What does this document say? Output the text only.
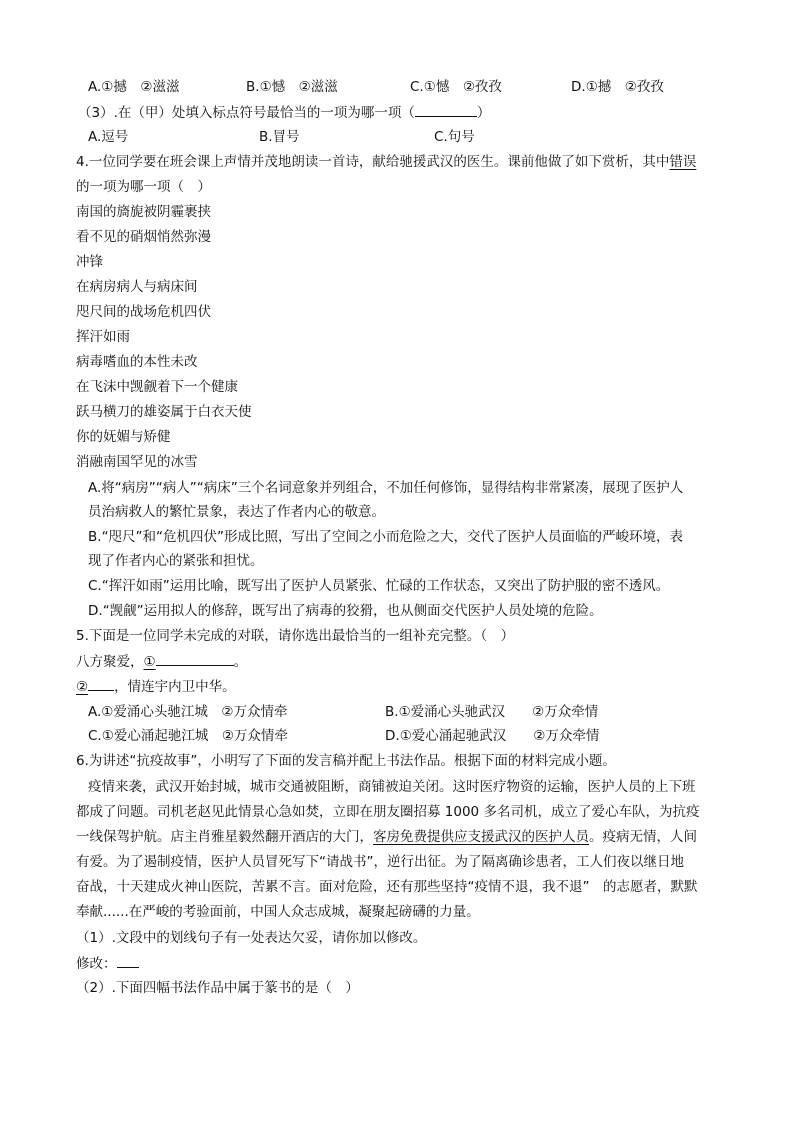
A.①撼　②滋滋	B.①憾　②滋滋	C.①憾　②孜孜	D.①撼　②孜孜
（3）.在（甲）处填入标点符号最恰当的一项为哪一项（	）
A.逗号	B.冒号	C.句号
4.一位同学要在班会课上声情并茂地朗读一首诗，献给驰援武汉的医生。课前他做了如下赏析，其中错误
的一项为哪一项（　）
南国的旖旎被阴霾裹挟
看不见的硝烟悄然弥漫
冲锋
在病房病人与病床间
咫尺间的战场危机四伏
挥汗如雨
病毒嗜血的本性未改
在飞沫中觊觎着下一个健康
跃马横刀的雄姿属于白衣天使
你的妩媚与矫健
消融南国罕见的冰雪
A.将“病房”“病人”“病床”三个名词意象并列组合，不加任何修饰，显得结构非常紧凑，展现了医护人
员治病救人的繁忙景象，表达了作者内心的敬意。
B.“咫尺”和“危机四伏”形成比照，写出了空间之小而危险之大，交代了医护人员面临的严峻环境，表
现了作者内心的紧张和担忧。
C.“挥汗如雨”运用比喻，既写出了医护人员紧张、忙碌的工作状态，又突出了防护服的密不透风。
D.“觊觎”运用拟人的修辞，既写出了病毒的狡猾，也从侧面交代医护人员处境的危险。
5.下面是一位同学未完成的对联，请你选出最恰当的一组补充完整。（　）
八方聚爱，①	。
② ，情连宇内卫中华。
A.①爱涌心头驰江城　②万众情牵	B.①爱涌心头驰武汉　　②万众牵情
C.①爱心涌起驰江城　②万众情牵	D.①爱心涌起驰武汉　　②万众牵情
6.为讲述“抗疫故事”，小明写了下面的发言稿并配上书法作品。根据下面的材料完成小题。
疫情来袭，武汉开始封城，城市交通被阻断，商铺被迫关闭。这时医疗物资的运输，医护人员的上下班
都成了问题。司机老赵见此情景心急如焚，立即在朋友圈招募 1000 多名司机，成立了爱心车队，为抗疫
一线保驾护航。店主肖雅星毅然翻开酒店的大门，客房免费提供应支援武汉的医护人员。疫病无情，人间
有爱。为了遏制疫情，医护人员冒死写下“请战书”，逆行出征。为了隔离确诊患者，工人们夜以继日地
奋战，十天建成火神山医院，苦累不言。面对危险，还有那些坚持“疫情不退，我不退”　的志愿者，默默
奉献......在严峻的考验面前，中国人众志成城，凝聚起磅礴的力量。
（1）.文段中的划线句子有一处表达欠妥，请你加以修改。
修改：
（2）.下面四幅书法作品中属于篆书的是（　）
